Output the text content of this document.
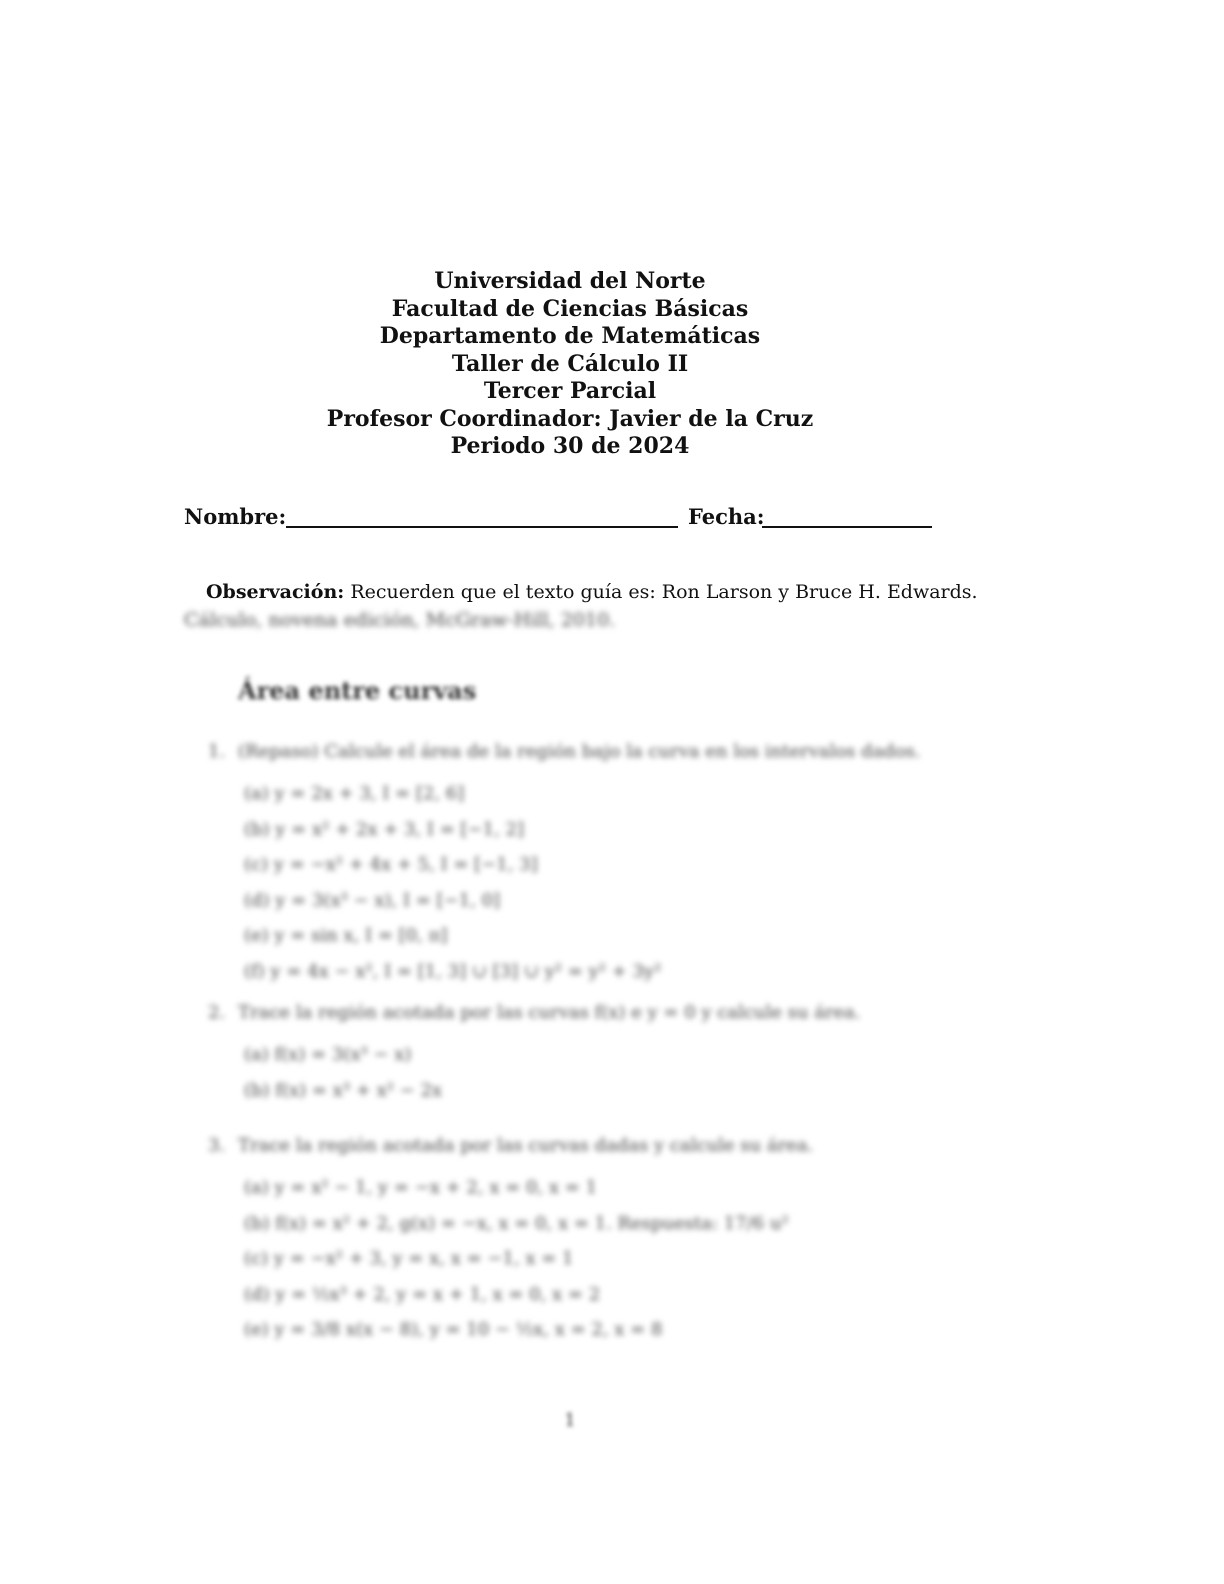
Universidad del Norte
Facultad de Ciencias Básicas
Departamento de Matemáticas
Taller de Cálculo II
Tercer Parcial
Profesor Coordinador: Javier de la Cruz
Periodo 30 de 2024
Nombre:	Fecha:
Observación: Recuerden que el texto guía es: Ron Larson y Bruce H. Edwards.
Cálculo, novena edición, McGraw-Hill, 2010.
Área entre curvas
1. (Repaso) Calcule el área de la región bajo la curva en los intervalos dados.
(a) y = 2x + 3, I = [2, 6]
(b) y = x² + 2x + 3, I = [−1, 2]
(c) y = −x² + 4x + 5, I = [−1, 3]
(d) y = 3(x³ − x), I = [−1, 0]
(e) y = sin x, I = [0, π]
(f) y = 4x − x², I = [1, 3] ∪ [3] ∪ y² = y² + 3y²
2. Trace la región acotada por las curvas f(x) e y = 0 y calcule su área.
(a) f(x) = 3(x³ − x)
(b) f(x) = x³ + x² − 2x
3. Trace la región acotada por las curvas dadas y calcule su área.
(a) y = x² − 1, y = −x + 2, x = 0, x = 1
(b) f(x) = x² + 2, g(x) = −x, x = 0, x = 1. Respuesta: 17/6 u²
(c) y = −x² + 3, y = x, x = −1, x = 1
(d) y = ½x³ + 2, y = x + 1, x = 0, x = 2
(e) y = 3/8 x(x − 8), y = 10 − ½x, x = 2, x = 8
1
